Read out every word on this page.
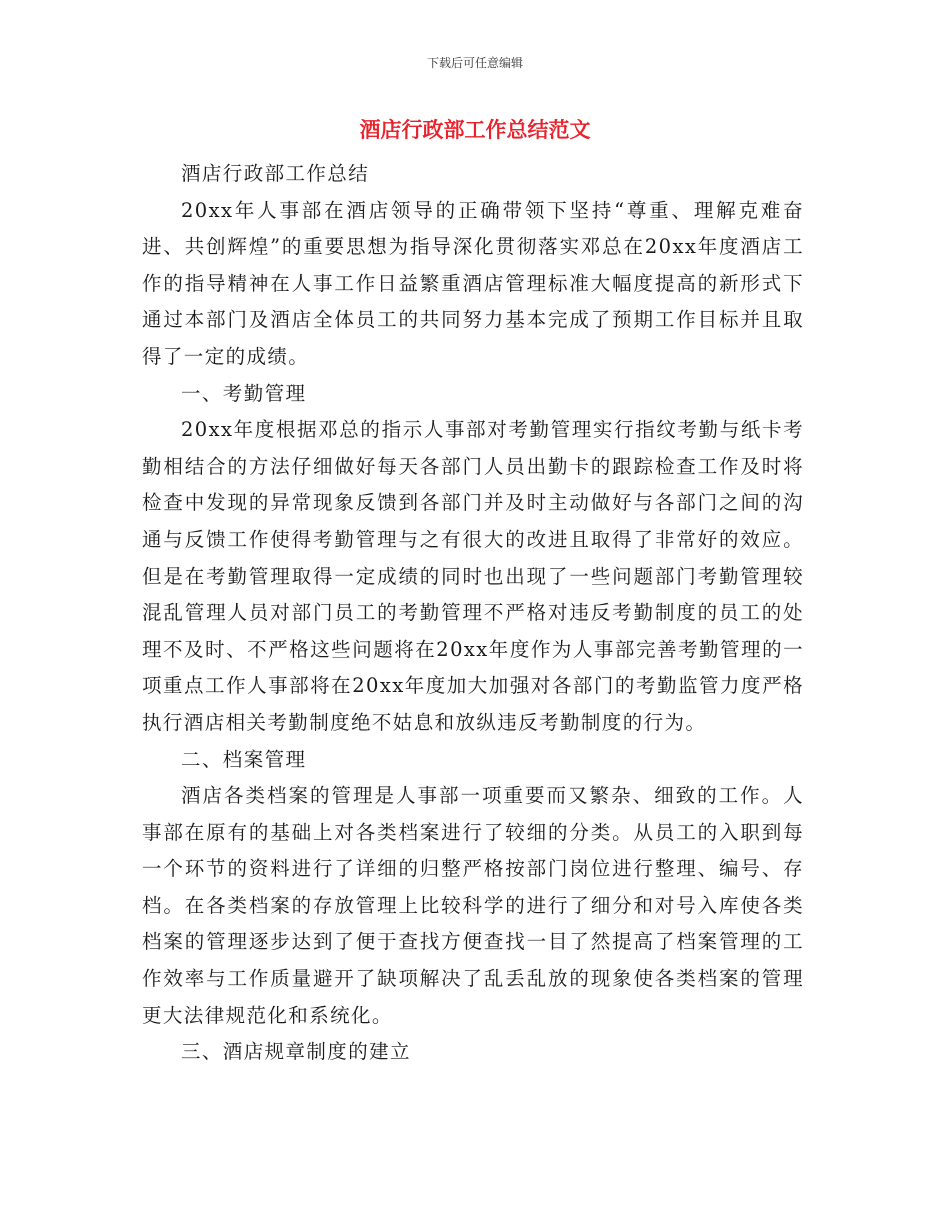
下载后可任意编辑
酒店行政部工作总结范文

酒店行政部工作总结

20xx年人事部在酒店领导的正确带领下坚持“尊重、理解克难奋进、共创辉煌”的重要思想为指导深化贯彻落实邓总在20xx年度酒店工作的指导精神在人事工作日益繁重酒店管理标准大幅度提高的新形式下通过本部门及酒店全体员工的共同努力基本完成了预期工作目标并且取得了一定的成绩。

一、考勤管理

20xx年度根据邓总的指示人事部对考勤管理实行指纹考勤与纸卡考勤相结合的方法仔细做好每天各部门人员出勤卡的跟踪检查工作及时将检查中发现的异常现象反馈到各部门并及时主动做好与各部门之间的沟通与反馈工作使得考勤管理与之有很大的改进且取得了非常好的效应。但是在考勤管理取得一定成绩的同时也出现了一些问题部门考勤管理较混乱管理人员对部门员工的考勤管理不严格对违反考勤制度的员工的处理不及时、不严格这些问题将在20xx年度作为人事部完善考勤管理的一项重点工作人事部将在20xx年度加大加强对各部门的考勤监管力度严格执行酒店相关考勤制度绝不姑息和放纵违反考勤制度的行为。

二、档案管理

酒店各类档案的管理是人事部一项重要而又繁杂、细致的工作。人事部在原有的基础上对各类档案进行了较细的分类。从员工的入职到每一个环节的资料进行了详细的归整严格按部门岗位进行整理、编号、存档。在各类档案的存放管理上比较科学的进行了细分和对号入库使各类档案的管理逐步达到了便于查找方便查找一目了然提高了档案管理的工作效率与工作质量避开了缺项解决了乱丢乱放的现象使各类档案的管理更大法律规范化和系统化。

三、酒店规章制度的建立
